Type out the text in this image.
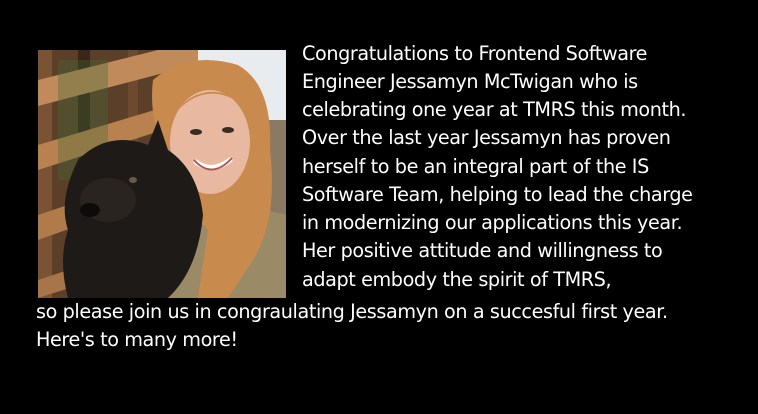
Congratulations to Frontend Software
Engineer Jessamyn McTwigan who is
celebrating one year at TMRS this month.
Over the last year Jessamyn has proven
herself to be an integral part of the IS
Software Team, helping to lead the charge
in modernizing our applications this year.
Her positive attitude and willingness to
adapt embody the spirit of TMRS,
so please join us in congraulating Jessamyn on a succesful first year.
Here's to many more!
